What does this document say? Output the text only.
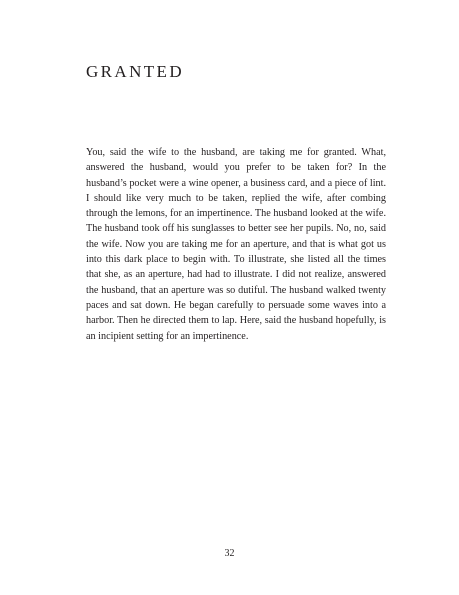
GRANTED

You, said the wife to the husband, are taking me for granted. What, answered the husband, would you prefer to be taken for? In the husband’s pocket were a wine opener, a business card, and a piece of lint. I should like very much to be taken, replied the wife, after combing through the lemons, for an impertinence. The husband looked at the wife. The husband took off his sunglasses to better see her pupils. No, no, said the wife. Now you are taking me for an aperture, and that is what got us into this dark place to begin with. To illustrate, she listed all the times that she, as an aperture, had had to illustrate. I did not realize, answered the husband, that an aperture was so dutiful. The husband walked twenty paces and sat down. He began carefully to persuade some waves into a harbor. Then he directed them to lap. Here, said the husband hopefully, is an incipient setting for an impertinence.

32
